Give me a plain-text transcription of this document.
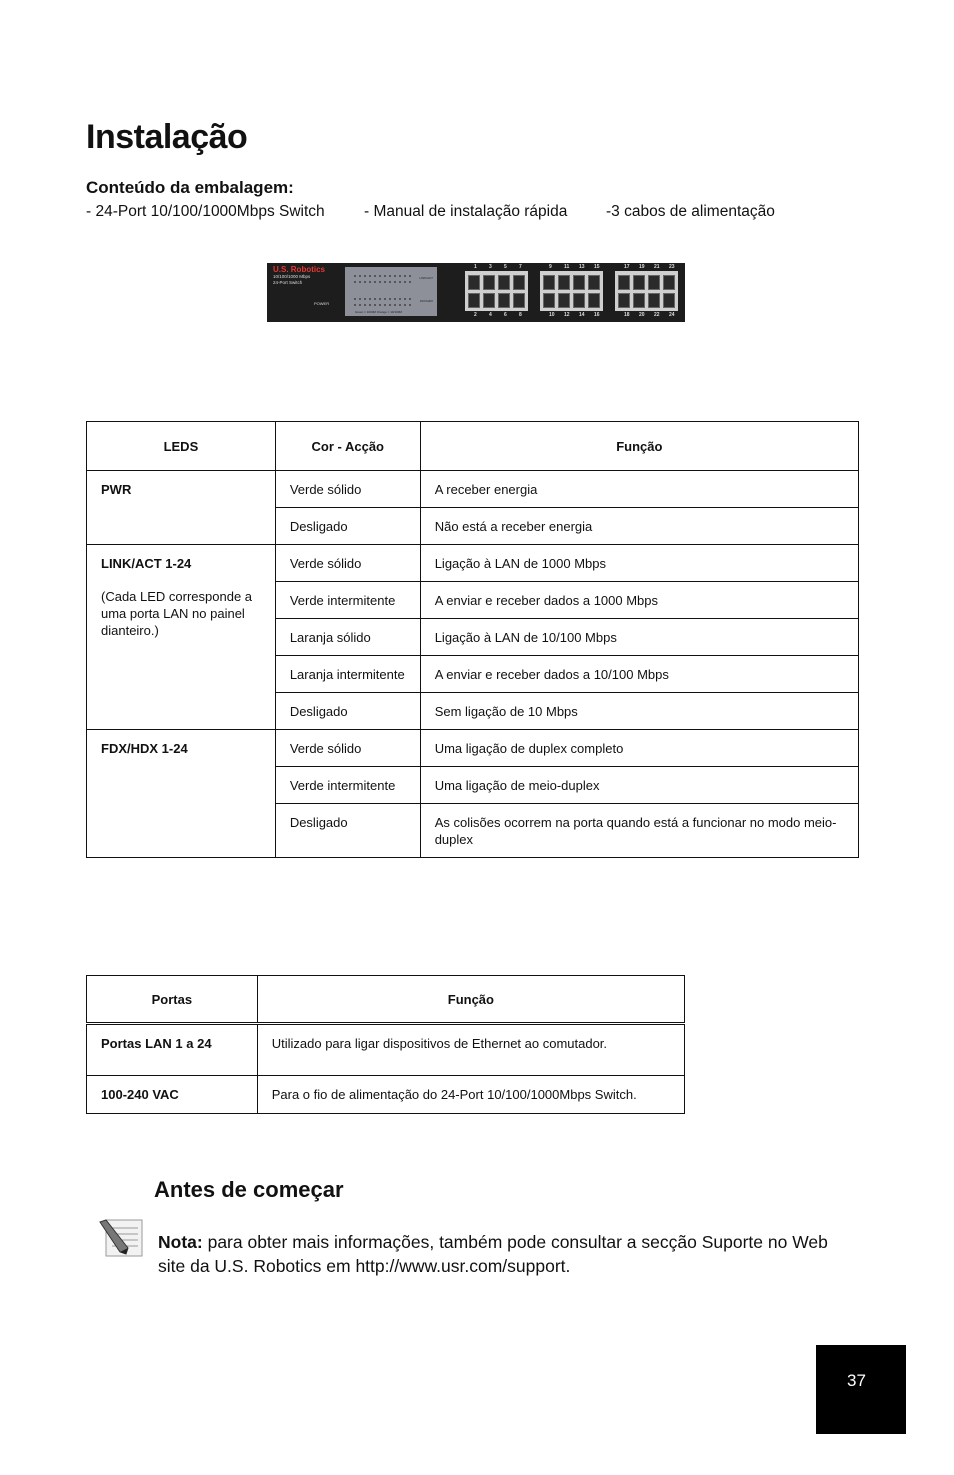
Instalação
Conteúdo da embalagem:
- 24-Port 10/100/1000Mbps Switch	- Manual de instalação rápida -3 cabos de alimentação
U.S. Robotics
10/100/1000 Mbps
24-Port Switch
POWER
LINK/ACT
FDX/HDX
Green = 1000M Orange = 10/100M
1 3 5 7	9 11 13 15	17 19 21 23
2 4 6 8	10 12 14 16	18 20 22 24
LEDS	Cor - Acção	Função
PWR	Verde sólido	A receber energia
	Desligado	Não está a receber energia
LINK/ACT 1-24
(Cada LED corresponde a uma porta LAN no painel dianteiro.)	Verde sólido	Ligação à LAN de 1000 Mbps
	Verde intermitente	A enviar e receber dados a 1000 Mbps
	Laranja sólido	Ligação à LAN de 10/100 Mbps
	Laranja intermitente	A enviar e receber dados a 10/100 Mbps
	Desligado	Sem ligação de 10 Mbps
FDX/HDX 1-24	Verde sólido	Uma ligação de duplex completo
	Verde intermitente	Uma ligação de meio-duplex
	Desligado	As colisões ocorrem na porta quando está a funcionar no modo meio-duplex
Portas	Função
Portas LAN 1 a 24	Utilizado para ligar dispositivos de Ethernet ao comutador.
100-240 VAC	Para o fio de alimentação do 24-Port 10/100/1000Mbps Switch.
Antes de começar
Nota: para obter mais informações, também pode consultar a secção Suporte no Web site da U.S. Robotics em http://www.usr.com/support.
37
